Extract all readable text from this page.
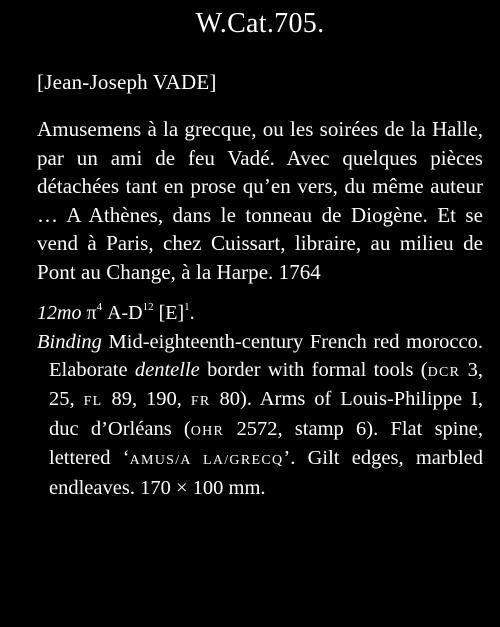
W.Cat.705.

[Jean-Joseph VADE]

Amusemens à la grecque, ou les soirées de la Halle, par un ami de feu Vadé. Avec quelques pièces détachées tant en prose qu’en vers, du même auteur … A Athènes, dans le tonneau de Diogène. Et se vend à Paris, chez Cuissart, libraire, au milieu de Pont au Change, à la Harpe. 1764

12mo $\pi^4$ $A-D^{12}$ $[E]^1$.

Binding Mid-eighteenth-century French red morocco. Elaborate dentelle border with formal tools (DCR 3, 25, FL 89, 190, FR 80). Arms of Louis-Philippe I, duc d’Orléans (OHR 2572, stamp 6). Flat spine, lettered ‘AMUS/A LA/GRECQ’. Gilt edges, marbled endleaves. 170 × 100 mm.
